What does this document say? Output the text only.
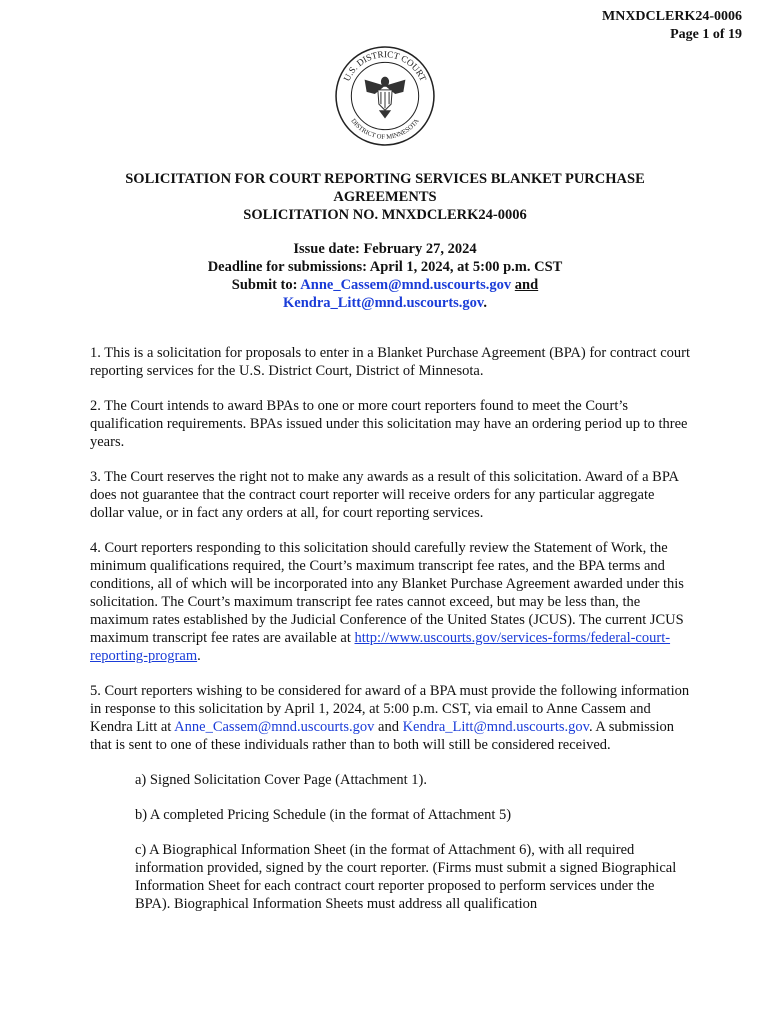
MNXDCLERK24-0006
Page 1 of 19
U.S. DISTRICT COURT
DISTRICT OF MINNESOTA
SOLICITATION FOR COURT REPORTING SERVICES BLANKET PURCHASE
AGREEMENTS
SOLICITATION NO. MNXDCLERK24-0006
Issue date: February 27, 2024
Deadline for submissions: April 1, 2024, at 5:00 p.m. CST
Submit to: Anne_Cassem@mnd.uscourts.gov and
Kendra_Litt@mnd.uscourts.gov.

1. This is a solicitation for proposals to enter in a Blanket Purchase Agreement (BPA) for contract court reporting services for the U.S. District Court, District of Minnesota.

2. The Court intends to award BPAs to one or more court reporters found to meet the Court’s qualification requirements. BPAs issued under this solicitation may have an ordering period up to three years.

3. The Court reserves the right not to make any awards as a result of this solicitation. Award of a BPA does not guarantee that the contract court reporter will receive orders for any particular aggregate dollar value, or in fact any orders at all, for court reporting services.

4. Court reporters responding to this solicitation should carefully review the Statement of Work, the minimum qualifications required, the Court’s maximum transcript fee rates, and the BPA terms and conditions, all of which will be incorporated into any Blanket Purchase Agreement awarded under this solicitation. The Court’s maximum transcript fee rates cannot exceed, but may be less than, the maximum rates established by the Judicial Conference of the United States (JCUS). The current JCUS maximum transcript fee rates are available at http://www.uscourts.gov/services-forms/federal-court-reporting-program.

5. Court reporters wishing to be considered for award of a BPA must provide the following information in response to this solicitation by April 1, 2024, at 5:00 p.m. CST, via email to Anne Cassem and Kendra Litt at Anne_Cassem@mnd.uscourts.gov and Kendra_Litt@mnd.uscourts.gov. A submission that is sent to one of these individuals rather than to both will still be considered received.

a) Signed Solicitation Cover Page (Attachment 1).

b) A completed Pricing Schedule (in the format of Attachment 5)

c) A Biographical Information Sheet (in the format of Attachment 6), with all required information provided, signed by the court reporter. (Firms must submit a signed Biographical Information Sheet for each contract court reporter proposed to perform services under the BPA). Biographical Information Sheets must address all qualification
